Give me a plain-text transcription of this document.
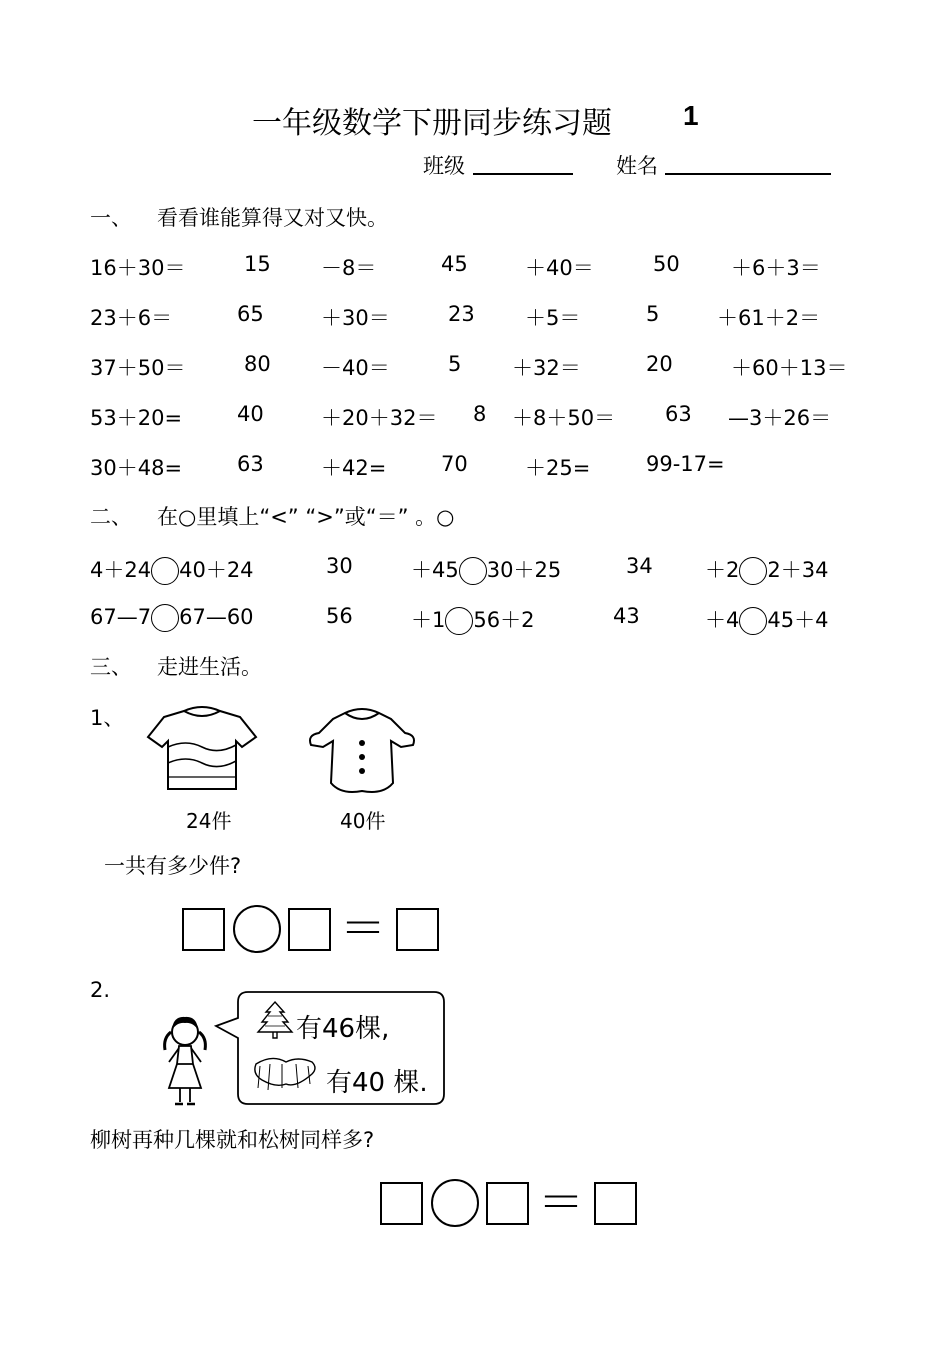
一年级数学下册同步练习题	1
班级	姓名
一、 看看谁能算得又对又快。
16＋30＝	15 －8＝	45	＋40＝	50 ＋6＋3＝
23＋6＝	65	＋30＝	23 ＋5＝	5	＋61＋2＝
37＋50＝	80 －40＝	5 ＋32＝	20	＋60＋13＝
53＋20=	40	＋20＋32＝ 8 ＋8＋50＝ 63 —3＋26＝
30＋48=	63	＋42=	70	＋25=	99-17=
二、 在○里填上“<” “>”或“＝” 。○
4＋24 40＋24	30	＋45 30＋25	34 ＋2 2＋34
67—7 67—60	56	＋1 56＋2	43	＋4 45＋4
三、 走进生活。
1、
24件	40件
一共有多少件?
＝
2.
有46棵,
有40 棵.
柳树再种几棵就和松树同样多?
＝
